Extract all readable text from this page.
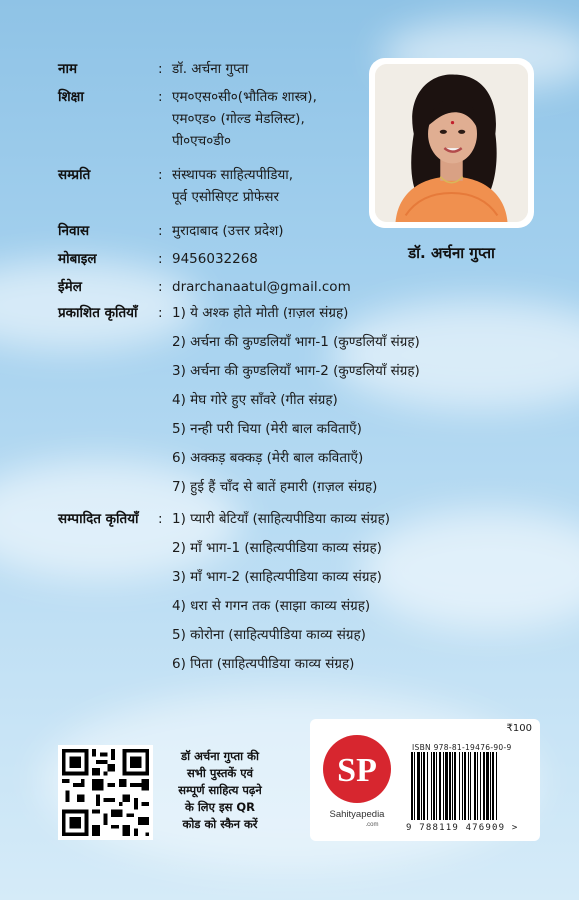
नाम	: डॉ. अर्चना गुप्ता
शिक्षा	: एम०एस०सी०(भौतिक शास्त्र),
एम०एड० (गोल्ड मेडलिस्ट),
पी०एच०डी०
सम्प्रति	: संस्थापक साहित्यपीडिया,
पूर्व एसोसिएट प्रोफेसर
निवास	: मुरादाबाद (उत्तर प्रदेश)
मोबाइल	: 9456032268
ईमेल	: drarchanaatul@gmail.com
प्रकाशित कृतियाँ	: 1) ये अश्क होते मोती (ग़ज़ल संग्रह)
2) अर्चना की कुण्डलियाँ भाग-1 (कुण्डलियाँ संग्रह)
3) अर्चना की कुण्डलियाँ भाग-2 (कुण्डलियाँ संग्रह)
4) मेघ गोरे हुए साँवरे (गीत संग्रह)
5) नन्ही परी चिया (मेरी बाल कविताएँ)
6) अक्कड़ बक्कड़ (मेरी बाल कविताएँ)
7) हुई हैं चाँद से बातें हमारी (ग़ज़ल संग्रह)
सम्पादित कृतियाँ	: 1) प्यारी बेटियाँ (साहित्यपीडिया काव्य संग्रह)
2) माँ भाग-1 (साहित्यपीडिया काव्य संग्रह)
3) माँ भाग-2 (साहित्यपीडिया काव्य संग्रह)
4) धरा से गगन तक (साझा काव्य संग्रह)
5) कोरोना (साहित्यपीडिया काव्य संग्रह)
6) पिता (साहित्यपीडिया काव्य संग्रह)
डॉ. अर्चना गुप्ता
डॉ अर्चना गुप्ता की
सभी पुस्तकें एवं
सम्पूर्ण साहित्य पढ़ने
के लिए इस QR
कोड को स्कैन करें
SP
Sahityapedia
.com
₹100
ISBN 978-81-19476-90-9
9 788119 476909 >
